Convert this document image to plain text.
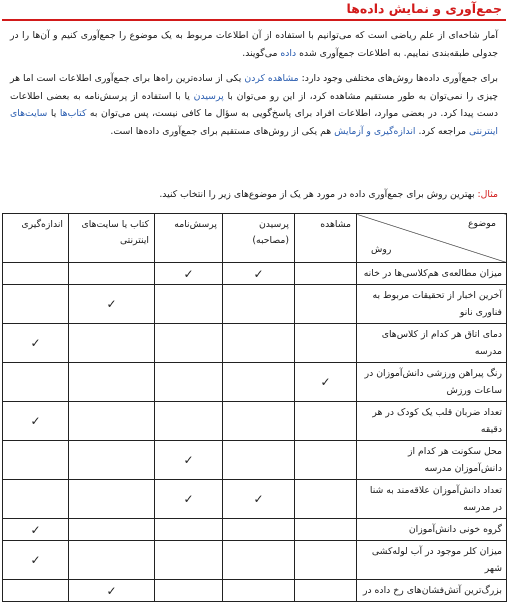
جمع‌آوری و نمایش داده‌ها
آمار شاخه‌ای از علم ریاضی است که می‌توانیم با استفاده از آن اطلاعات مربوط به یک موضوع را جمع‌آوری کنیم و آن‌ها را در جدولی طبقه‌بندی نماییم. به اطلاعات جمع‌آوری شده داده می‌گویند.
برای جمع‌آوری داده‌ها روش‌های مختلفی وجود دارد: مشاهده کردن یکی از ساده‌ترین راه‌ها برای جمع‌آوری اطلاعات است اما هر چیزی را نمی‌توان به طور مستقیم مشاهده کرد، از این رو می‌توان با پرسیدن یا با استفاده از پرسش‌نامه به بعضی اطلاعات دست پیدا کرد. در بعضی موارد، اطلاعات افراد برای پاسخ‌گویی به سؤال ما کافی نیست، پس می‌توان به کتاب‌ها یا سایت‌های اینترنتی مراجعه کرد. اندازه‌گیری و آزمایش هم یکی از روش‌های مستقیم برای جمع‌آوری داده‌ها است.
مثال: بهترین روش برای جمع‌آوری داده در مورد هر یک از موضوع‌های زیر را انتخاب کنید.
موضوع
روش	مشاهده	پرسیدن (مصاحبه)	پرسش‌نامه	کتاب یا سایت‌های اینترنتی	اندازه‌گیری
میزان مطالعه‌ی هم‌کلاسی‌ها در خانه		✓	✓		
آخرین اخبار از تحقیقات مربوط به فناوری نانو				✓	
دمای اتاق هر کدام از کلاس‌های مدرسه					✓
رنگ پیراهن ورزشی دانش‌آموزان در ساعات ورزش	✓				
تعداد ضربان قلب یک کودک در هر دقیقه					✓
محل سکونت هر کدام از دانش‌آموزان مدرسه			✓		
تعداد دانش‌آموزان علاقه‌مند به شنا در مدرسه		✓	✓		
گروه خونی دانش‌آموزان					✓
میزان کلر موجود در آب لوله‌کشی شهر					✓
بزرگ‌ترین آتش‌فشان‌های رخ داده در				✓	
